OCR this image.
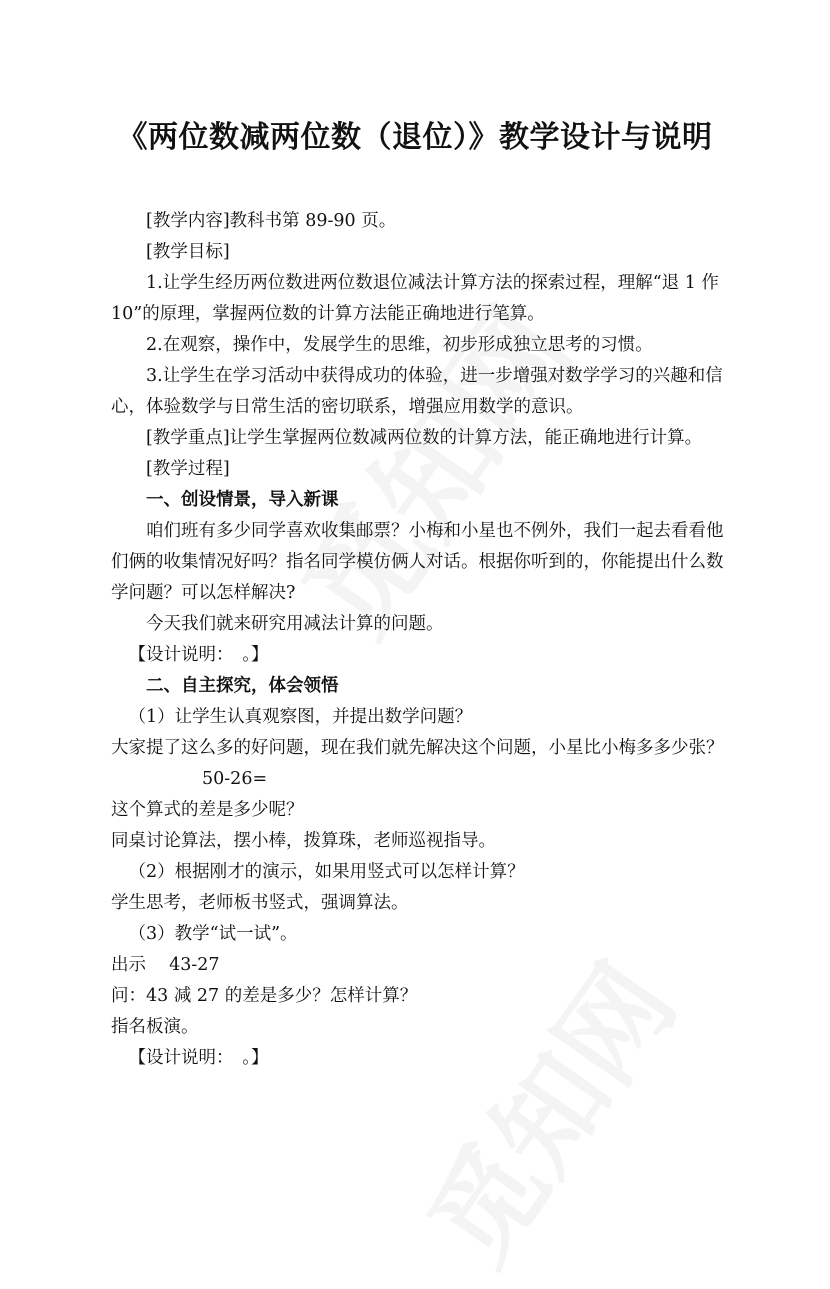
《两位数减两位数（退位）》教学设计与说明

[教学内容]教科书第 89-90 页。

[教学目标]

1.让学生经历两位数进两位数退位减法计算方法的探索过程，理解“退 1 作 10”的原理，掌握两位数的计算方法能正确地进行笔算。

2.在观察，操作中，发展学生的思维，初步形成独立思考的习惯。

3.让学生在学习活动中获得成功的体验，进一步增强对数学学习的兴趣和信心，体验数学与日常生活的密切联系，增强应用数学的意识。

[教学重点]让学生掌握两位数减两位数的计算方法，能正确地进行计算。

[教学过程]

一、创设情景，导入新课

咱们班有多少同学喜欢收集邮票？小梅和小星也不例外，我们一起去看看他们俩的收集情况好吗？指名同学模仿俩人对话。根据你听到的，你能提出什么数学问题？可以怎样解决?

今天我们就来研究用减法计算的问题。

【设计说明：　。】

二、自主探究，体会领悟

（1）让学生认真观察图，并提出数学问题？

大家提了这么多的好问题，现在我们就先解决这个问题，小星比小梅多多少张？

50-26=

这个算式的差是多少呢？

同桌讨论算法，摆小棒，拨算珠，老师巡视指导。

（2）根据刚才的演示，如果用竖式可以怎样计算？

学生思考，老师板书竖式，强调算法。

（3）教学“试一试”。

出示　 43-27

问：43 减 27 的差是多少？怎样计算？

指名板演。

【设计说明：　。】
